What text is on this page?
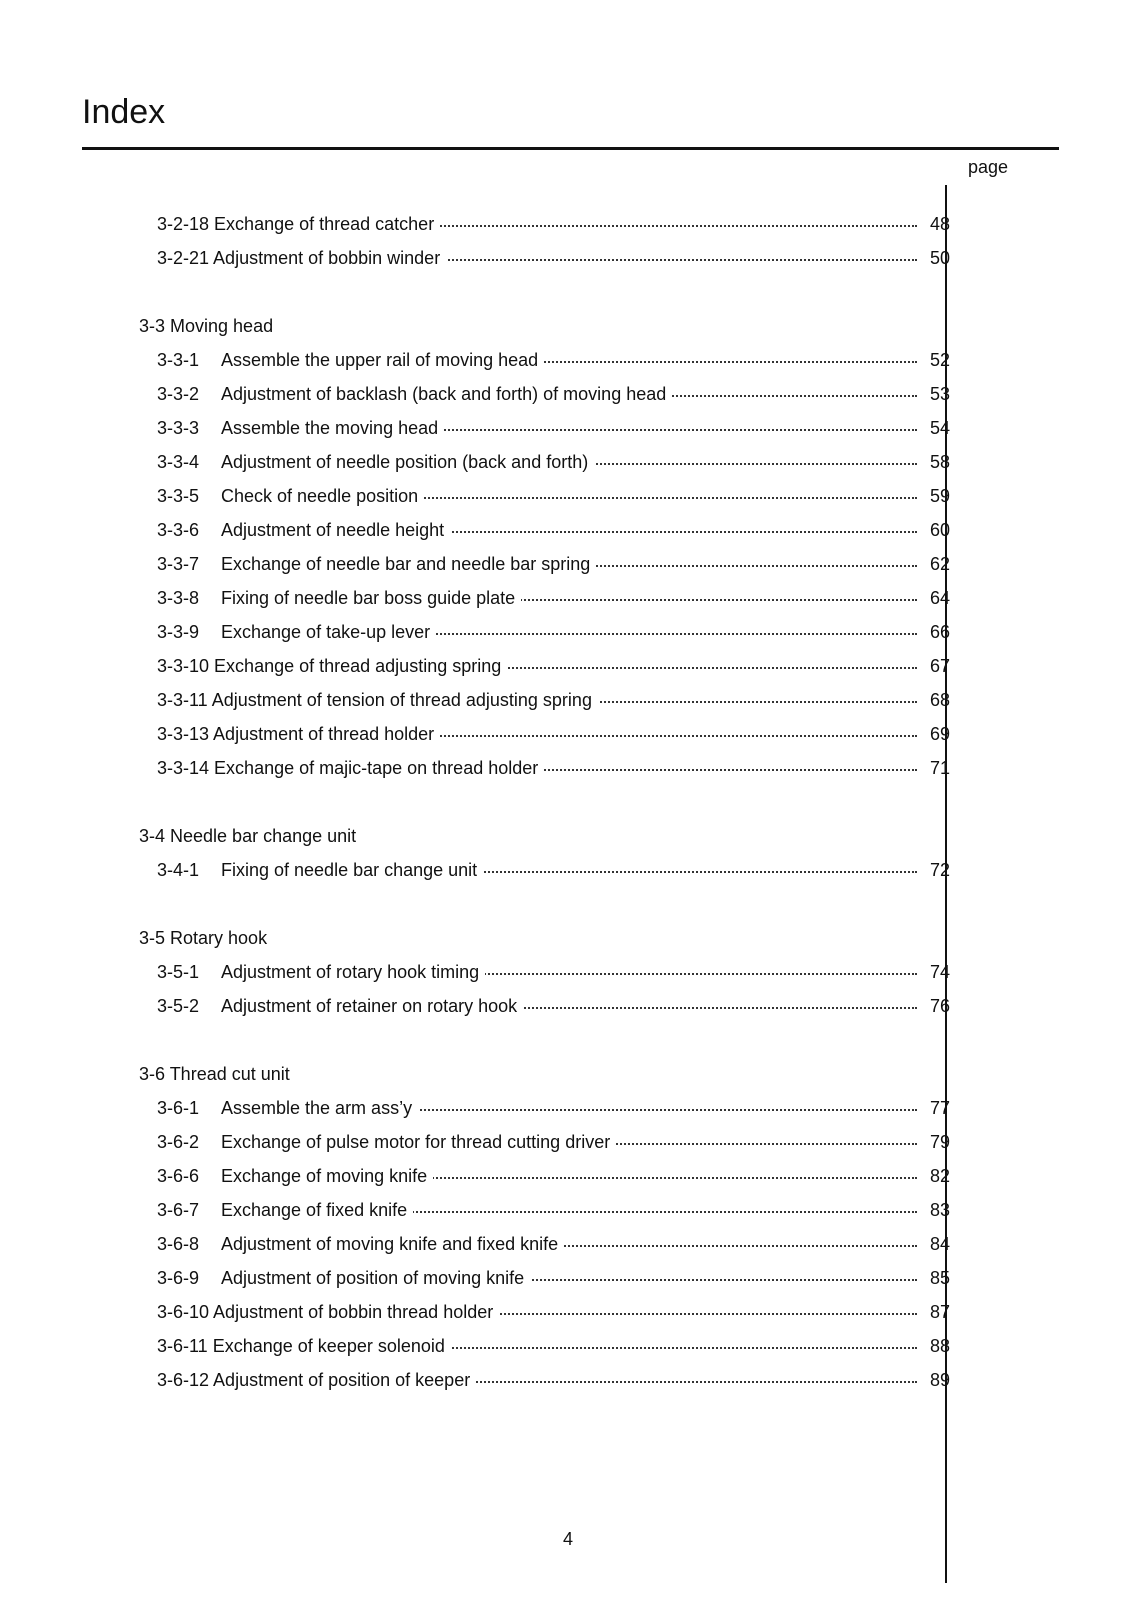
Index
page
3-2-18 Exchange of thread catcher	48
3-2-21 Adjustment of bobbin winder	50
3-3 Moving head
3-3-1 Assemble the upper rail of moving head	52
3-3-2 Adjustment of backlash (back and forth) of moving head	53
3-3-3 Assemble the moving head	54
3-3-4 Adjustment of needle position (back and forth)	58
3-3-5 Check of needle position	59
3-3-6 Adjustment of needle height	60
3-3-7 Exchange of needle bar and needle bar spring	62
3-3-8 Fixing of needle bar boss guide plate	64
3-3-9 Exchange of take-up lever	66
3-3-10 Exchange of thread adjusting spring	67
3-3-11 Adjustment of tension of thread adjusting spring	68
3-3-13 Adjustment of thread holder	69
3-3-14 Exchange of majic-tape on thread holder	71
3-4 Needle bar change unit
3-4-1 Fixing of needle bar change unit	72
3-5 Rotary hook
3-5-1 Adjustment of rotary hook timing	74
3-5-2 Adjustment of retainer on rotary hook	76
3-6 Thread cut unit
3-6-1 Assemble the arm ass’y	77
3-6-2 Exchange of pulse motor for thread cutting driver	79
3-6-6 Exchange of moving knife	82
3-6-7 Exchange of fixed knife	83
3-6-8 Adjustment of moving knife and fixed knife	84
3-6-9 Adjustment of position of moving knife	85
3-6-10 Adjustment of bobbin thread holder	87
3-6-11 Exchange of keeper solenoid	88
3-6-12 Adjustment of position of keeper	89
4
